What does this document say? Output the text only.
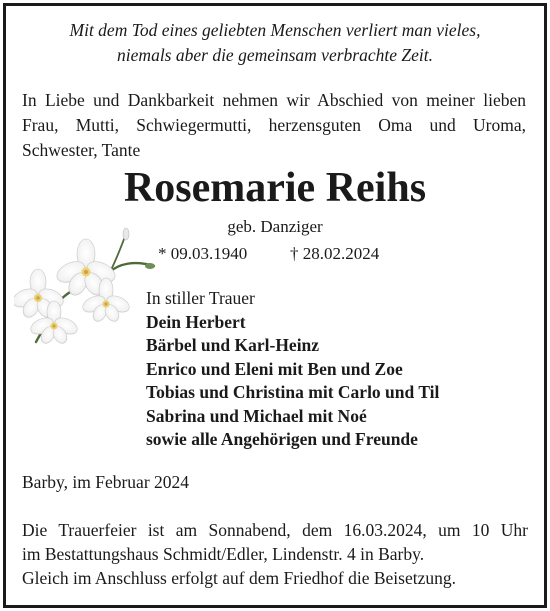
Mit dem Tod eines geliebten Menschen verliert man vieles,
niemals aber die gemeinsam verbrachte Zeit.
In Liebe und Dankbarkeit nehmen wir Abschied von meiner lieben Frau, Mutti, Schwiegermutti, herzensguten Oma und Uroma, Schwester, Tante
Rosemarie Reihs
geb. Danziger
* 09.03.1940	† 28.02.2024
In stiller Trauer
Dein Herbert
Bärbel und Karl-Heinz
Enrico und Eleni mit Ben und Zoe
Tobias und Christina mit Carlo und Til
Sabrina und Michael mit Noé
sowie alle Angehörigen und Freunde
Barby, im Februar 2024
Die Trauerfeier ist am Sonnabend, dem 16.03.2024, um 10 Uhr
im Bestattungshaus Schmidt/Edler, Lindenstr. 4 in Barby.
Gleich im Anschluss erfolgt auf dem Friedhof die Beisetzung.
